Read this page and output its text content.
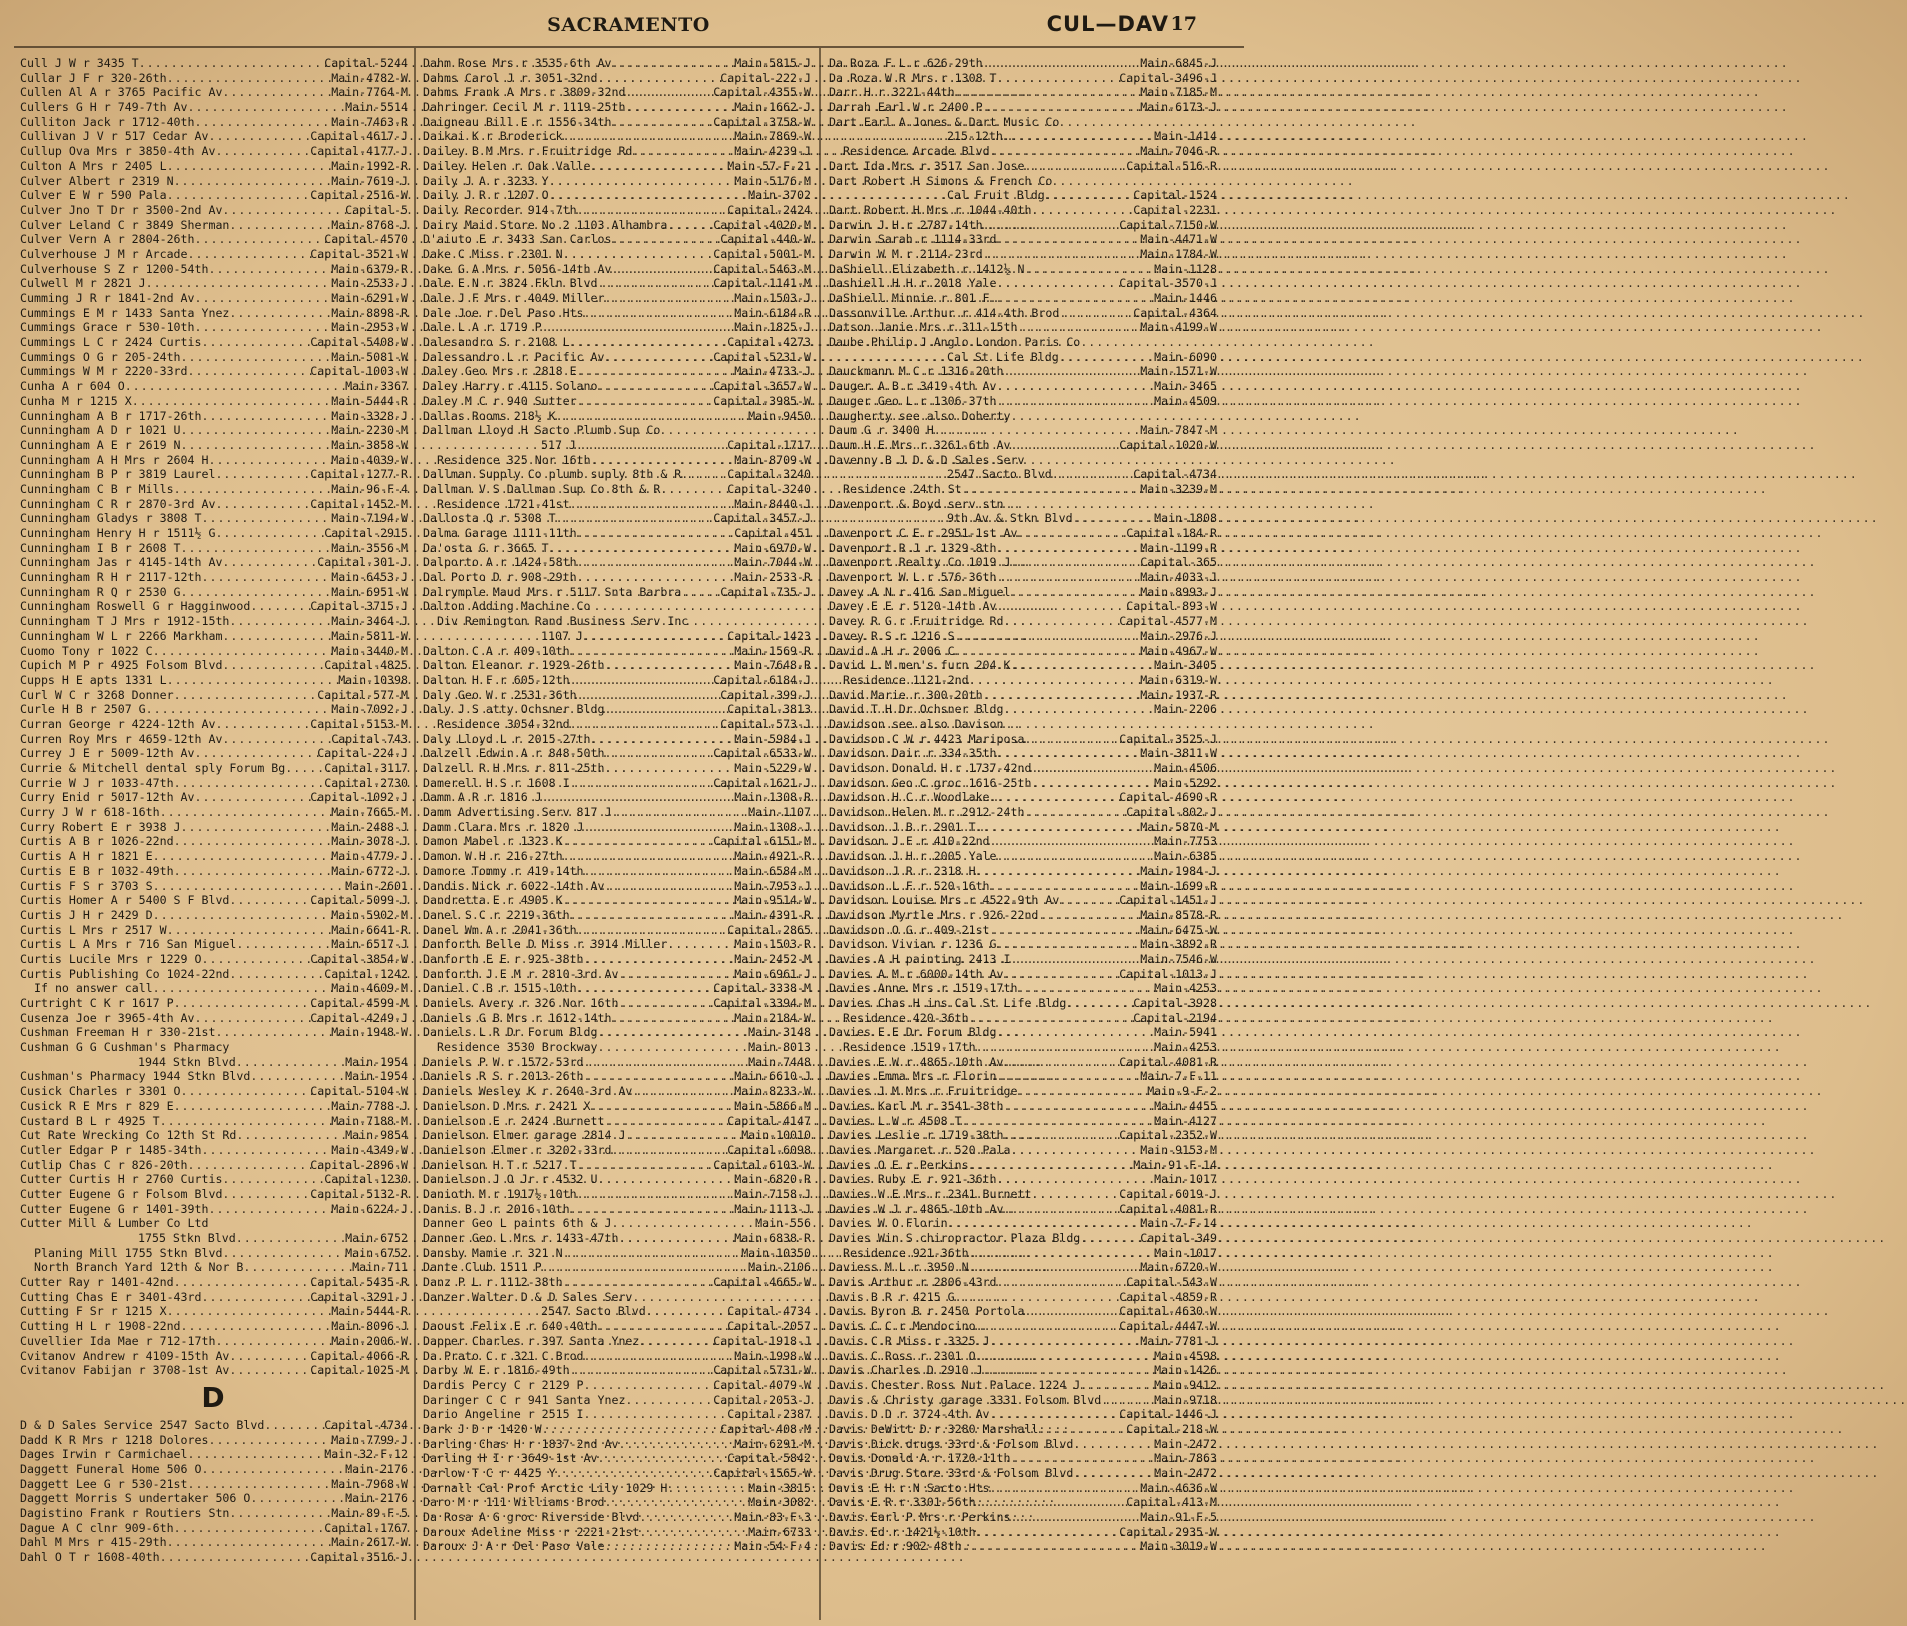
SACRAMENTO	CUL—DAV 17
Cull J W r 3435 T .....	Capital-5244
Cullar J F r 320-26th .....	Main-4782-W
Cullen Al A r 3765 Pacific Av .....	Main-7764-M
Cullers G H r 749-7th Av .....	Main-5514
Culliton Jack r 1712-40th .....	Main-7463-R
Cullivan J V r 517 Cedar Av .....	Capital-4617-J
Cullup Ova Mrs r 3850-4th Av .....	Capital-4177-J
Culton A Mrs r 2405 L .....	Main-1992-R
Culver Albert r 2319 N .....	Main-7619-J
Culver E W r 590 Pala .....	Capital-2516-W
Culver Jno T Dr r 3500-2nd Av .....	Capital-5
Culver Leland C r 3849 Sherman .....	Main-8768-J
Culver Vern A r 2804-26th .....	Capital-4570
Culverhouse J M r Arcade .....	Capital-3521-W
Culverhouse S Z r 1200-54th .....	Main-6379-R
Culwell M r 2821 J .....	Main-2533-J
Cumming J R r 1841-2nd Av .....	Main-6291-W
Cummings E M r 1433 Santa Ynez .....	Main-8898-R
Cummings Grace r 530-10th .....	Main-2953-W
Cummings L C r 2424 Curtis .....	Capital-5408-W
Cummings O G r 205-24th .....	Main-5081-W
Cummings W M r 2220-33rd .....	Capital-1003-W
Cunha A r 604 O .....	Main-3367
Cunha M r 1215 X .....	Main-5444-R
Cunningham A B r 1717-26th .....	Main-3328-J
Cunningham A D r 1021 U .....	Main-2230-M
Cunningham A E r 2619 N .....	Main-3858-W
Cunningham A H Mrs r 2604 H .....	Main-4039-W
Cunningham B P r 3819 Laurel .....	Capital-1277-R
Cunningham C B r Mills .....	Main-96-F-4
Cunningham C R r 2870-3rd Av .....	Capital-1452-M
Cunningham Gladys r 3808 T .....	Main-7194-W
Cunningham Henry H r 1511½ G .....	Capital-2915
Cunningham I B r 2608 T .....	Main-3556-M
Cunningham Jas r 4145-14th Av .....	Capital-301-J
Cunningham R H r 2117-12th .....	Main-6453-J
Cunningham R Q r 2530 G .....	Main-6951-W
Cunningham Roswell G r Hagginwood .....	Capital-3715-J
Cunningham T J Mrs r 1912-15th .....	Main-3464-J
Cunningham W L r 2266 Markham .....	Main-5811-W
Cuomo Tony r 1022 C .....	Main-3440-M
Cupich M P r 4925 Folsom Blvd .....	Capital-4825
Cupps H E apts 1331 L .....	Main-10398
Curl W C r 3268 Donner .....	Capital-577-M
Curle H B r 2507 G .....	Main-7092-J
Curran George r 4224-12th Av .....	Capital-5153-M
Curren Roy Mrs r 4659-12th Av .....	Capital-743
Currey J E r 5009-12th Av .....	Capital-224-J
Currie & Mitchell dental sply Forum Bg .....	Capital-3117
Currie W J r 1033-47th .....	Capital-2730
Curry Enid r 5017-12th Av .....	Capital-1092-J
Curry J W r 618-16th .....	Main-7665-M
Curry Robert E r 3938 J .....	Main-2488-J
Curtis A B r 1026-22nd .....	Main-3078-J
Curtis A H r 1821 E .....	Main-4779-J
Curtis E B r 1032-49th .....	Main-6772-J
Curtis F S r 3703 S .....	Main-2601
Curtis Homer A r 5400 S F Blvd .....	Capital-5099-J
Curtis J H r 2429 D .....	Main-5902-M
Curtis L Mrs r 2517 W .....	Main-6641-R
Curtis L A Mrs r 716 San Miguel .....	Main-6517-J
Curtis Lucile Mrs r 1229 O .....	Capital-3854-W
Curtis Publishing Co 1024-22nd .....	Capital-1242
If no answer call .....	Main-4609-M
Curtright C K r 1617 P .....	Capital-4599-M
Cusenza Joe r 3965-4th Av .....	Capital-4249-J
Cushman Freeman H r 330-21st .....	Main-1948-W
Cushman G G Cushman's Pharmacy
1944 Stkn Blvd .....	Main-1954
Cushman's Pharmacy 1944 Stkn Blvd .....	Main-1954
Cusick Charles r 3301 O .....	Capital-5104-W
Cusick R E Mrs r 829 E .....	Main-7788-J
Custard B L r 4925 T .....	Main-7188-M
Cut Rate Wrecking Co 12th St Rd .....	Main-9854
Cutler Edgar P r 1485-34th .....	Main-4349-W
Cutlip Chas C r 826-20th .....	Capital-2896-W
Cutter Curtis H r 2760 Curtis .....	Capital-1230
Cutter Eugene G r Folsom Blvd .....	Capital-5132-R
Cutter Eugene G r 1401-39th .....	Main-6224-J
Cutter Mill & Lumber Co Ltd
1755 Stkn Blvd .....	Main-6752
Planing Mill 1755 Stkn Blvd .....	Main-6752
North Branch Yard 12th & Nor B .....	Main-711
Cutter Ray r 1401-42nd .....	Capital-5435-R
Cutting Chas E r 3401-43rd .....	Capital-3291-J
Cutting F Sr r 1215 X .....	Main-5444-R
Cutting H L r 1908-22nd .....	Main-8096-J
Cuvellier Ida Mae r 712-17th .....	Main-2006-W
Cvitanov Andrew r 4109-15th Av .....	Capital-4066-R
Cvitanov Fabijan r 3708-1st Av .....	Capital-1025-M
D
D & D Sales Service 2547 Sacto Blvd .....	Capital-4734
Dadd K R Mrs r 1218 Dolores .....	Main-7799-J
Dages Irwin r Carmichael .....	Main-32-F-12
Daggett Funeral Home 506 O .....	Main-2176
Daggett Lee G r 530-21st .....	Main-7968-W
Daggett Morris S undertaker 506 O .....	Main-2176
Dagistino Frank r Routiers Stn .....	Main-89-F-5
Dague A C clnr 909-6th .....	Capital-1767
Dahl M Mrs r 415-29th .....	Main-2617-W
Dahl O T r 1608-40th .....	Capital-3516-J
Dahm Rose Mrs r 3535-6th Av .....	Main-5815-J
Dahms Carol J r 3051-32nd .....	Capital-222-J
Dahms Frank A Mrs r 3809-32nd .....	Capital-4355-W
Dahringer Cecil M r 1119-25th .....	Main-1662-J
Daigneau Bill E r 1556-34th .....	Capital-3758-W
Daikai K r Broderick .....	Main-7869-W
Dailey B M Mrs r Fruitridge Rd .....	Main-4239-J
Dailey Helen r Oak Valle .....	Main-57-F-21
Daily J A r 3233 Y .....	Main-5176-M
Daily J R r 1207 O .....	Main-3702
Daily Recorder 914-7th .....	Capital-2424
Dairy Maid Store No 2 1103 Alhambra .....	Capital-4020-M
D'aiuto E r 3433 San Carlos .....	Capital-440-W
Dake C Miss r 2301 N .....	Capital-5001-M
Dake G A Mrs r 5056-14th Av .....	Capital-5463-M
Dale E N r 3824 Fkln Blvd .....	Capital-1141-M
Dale J F Mrs r 4049 Miller .....	Main-1503-J
Dale Joe r Del Paso Hts .....	Main-6184-R
Dale L A r 1719 P .....	Main-1825-J
Dalesandro S r 2108 L .....	Capital-4273
Dalessandro L r Pacific Av .....	Capital-5231-W
Daley Geo Mrs r 2818 E .....	Main-4733-J
Daley Harry r 4115 Solano .....	Capital-3657-W
Daley M C r 940 Sutter .....	Capital-3985-W
Dallas Rooms 218½ K .....	Main-9450
Dallman Lloyd H Sacto Plumb Sup Co
517 J .....	Capital-1717
Residence 325 Nor 16th .....	Main-8709-W
Dallman Supply Co plumb suply 8th & R .....	Capital-3240
Dallman V S Dallman Sup Co 8th & R .....	Capital-3240
Residence 1721-41st .....	Main-8440-J
Dallosta Q r 5308 T .....	Capital-3457-J
Dalma Garage 1111-11th .....	Capital-451
Da'osta G r 3665 T .....	Main-6970-W
Dalporto A r 1424-58th .....	Main-7044-W
Dal Porto D r 908-29th .....	Main-2533-R
Dalrymple Maud Mrs r 5117 Snta Barbra .....	Capital-735-J
Dalton Adding Machine Co
Div Remington Rand Business Serv Inc
1107 J .....	Capital-1423
Dalton C A r 409-10th .....	Main-1569-R
Dalton Eleanor r 1929-26th .....	Main-7648-R
Dalton H F r 605-12th .....	Capital-6184-J
Daly Geo W r 2531-36th .....	Capital-399-J
Daly J S atty Ochsner Bldg .....	Capital-3813
Residence 3054-32nd .....	Capital-573-J
Daly Lloyd L r 2015-27th .....	Main-5984-J
Dalzell Edwin A r 848-50th .....	Capital-6533-W
Dalzell R H Mrs r 811-25th .....	Main-5229-W
Damerell H S r 1608 I .....	Capital-1621-J
Damm A R r 1816 J .....	Main-1308-R
Damm Advertising Serv 817 J .....	Main-1107
Damm Clara Mrs r 1820 J .....	Main-1308-J
Damon Mabel r 1323 K .....	Capital-6151-M
Damon W H r 216-27th .....	Main-4921-R
Damore Tommy r 419-14th .....	Main-6584-M
Dandis Nick r 6022-14th Av .....	Main-7953-J
Dandretta E r 4905 K .....	Main-9514-W
Danel S C r 2219-36th .....	Main-4391-R
Danel Wm A r 2041-36th .....	Capital-2865
Danforth Belle D Miss r 3914 Miller .....	Main-1503-R
Danforth E E r 925-38th .....	Main-2452-M
Danforth J E M r 2810-3rd Av .....	Main-6961-J
Daniel C B r 1515-10th .....	Capital-3338-M
Daniels Avery r 326 Nor 16th .....	Capital-3394-M
Daniels G B Mrs r 1612-14th .....	Main-2184-W
Daniels L R Dr Forum Bldg .....	Main-3148
Residence 3530 Brockway .....	Main-8013
Daniels P W r 1572-53rd .....	Main-7448
Daniels R S r 2013-26th .....	Main-6610-J
Daniels Wesley K r 2640-3rd Av .....	Main-8233-W
Danielson D Mrs r 2421 X .....	Main-5866-M
Danielson E r 2424 Burnett .....	Capital-4147
Danielson Elmer garage 2814 J .....	Main-10010
Danielson Elmer r 3202-33rd .....	Capital-6098
Danielson H T r 5217 T .....	Capital-6103-W
Danielson J O Jr r 4532 U .....	Main-6820-R
Danioth M r 1917½-10th .....	Main-7158-J
Danis B J r 2016-10th .....	Main-1113-J
Danner Geo L paints 6th & J .....	Main-556
Danner Geo L Mrs r 1433-47th .....	Main-6838-R
Dansby Mamie r 321 N .....	Main-10350
Dante Club 1511 P .....	Main-2106
Danz P L r 1112-38th .....	Capital-4665-W
Danzer Walter D & D Sales Serv
2547 Sacto Blvd .....	Capital-4734
Daoust Felix E r 640-40th .....	Capital-2057
Dapper Charles r 397 Santa Ynez .....	Capital-1918-J
Da Prato C r 321 C Brod .....	Main-1998-W
Darby W E r 1816-49th .....	Capital-5731-W
Dardis Percy C r 2129 P .....	Capital-4079-W
Daringer C C r 941 Santa Ynez .....	Capital-2053-J
Dario Angeline r 2515 I .....	Capital-2387
Dark J D r 1420 W .....	Capital-408-M
Darling Chas H r 1837-2nd Av .....	Main-6291-M
Darling H I r 3649-1st Av .....	Capital-5842
Darlow T C r 4425 Y .....	Capital-1565-W
Darnall Cal Prof Arctic Lily 1029 H .....	Main-3815
Daro M r 111 Williams Brod .....	Main-3082
Da Rosa A G groc Riverside Blvd .....	Main-83-F-3
Daroux Adeline Miss r 2221-21st .....	Main-6733
Daroux J A r Del Paso Vale .....	Main-54-F-4
Da Roza F L r 626-29th .....	Main-6845-J
Da Roza W R Mrs r 1308 T .....	Capital-3496-J
Darr H r 3221-44th .....	Main-7185-M
Darrah Earl W r 2400 P .....	Main-6173-J
Dart Earl A Jones & Dart Music Co
215-12th .....	Main-1414
Residence Arcade Blvd .....	Main-7046-R
Dart Ida Mrs r 3517 San Jose .....	Capital-516-R
Dart Robert H Simons & French Co
Cal Fruit Bldg .....	Capital-1524
Dart Robert H Mrs r 1044-40th .....	Capital-2231
Darwin J H r 2787-14th .....	Capital-7150-W
Darwin Sarah r 1114-33rd .....	Main-4471-W
Darwin W M r 2114-23rd .....	Main-1784-W
DaShiell Elizabeth r 1412½ N .....	Main-1128
Dashiell H H r 2018 Yale .....	Capital-3570-J
DaShiell Minnie r 801 F .....	Main-1446
Dassonville Arthur r 414-4th Brod .....	Capital-4364
Datson Janie Mrs r 311-15th .....	Main-4199-W
Daube Philip J Anglo London Paris Co
Cal St Life Bldg .....	Main-6090
Dauckmann M C r 1316-20th .....	Main-1571-W
Dauger A B r 3419-4th Av .....	Main-3465
Dauger Geo L r 1306-37th .....	Main-4509
Daugherty see also Doherty
Daum G r 3400 H .....	Main-7847-M
Daum H E Mrs r 3261-6th Av .....	Capital-1020-W
Davenny B J D & D Sales Serv
2547 Sacto Blvd .....	Capital-4734
Residence 24th St .....	Main-3239-M
Davenport & Boyd serv stn
9th Av & Stkn Blvd .....	Main-1808
Davenport C E r 2951-1st Av .....	Capital-184-R
Davenport R J r 1329-8th .....	Main-1199-R
Davenport Realty Co 1019 J .....	Capital-365
Davenport W L r 576-36th .....	Main-4033-J
Davey A N r 416 San Miguel .....	Main-8993-J
Davey E E r 5120-14th Av .....	Capital-893-W
Davey R G r Fruitridge Rd .....	Capital-4577-M
Davey R S r 1216 S .....	Main-2976-J
David A H r 2006 C .....	Main-4967-W
David L M men's furn 204 K .....	Main-3405
Residence 1121-2nd .....	Main-6319-W
David Marie r 300-20th .....	Main-1937-R
David T H Dr Ochsner Bldg .....	Main-2206
Davidson see also Davison
Davidson C W r 4423 Mariposa .....	Capital-3525-J
Davidson Dair r 334-35th .....	Main-3811-W
Davidson Donald H r 1737-42nd .....	Main-4506
Davidson Geo C groc 1616-25th .....	Main-5292
Davidson H C r Woodlake .....	Capital-4690-R
Davidson Helen M r 2912-24th .....	Capital-802-J
Davidson J B r 2901 T .....	Main-5870-M
Davidson J F r 410-22nd .....	Main-7753
Davidson J H r 2005 Yale .....	Main-6385
Davidson J R r 2318 H .....	Main-1984-J
Davidson L F r 520-16th .....	Main-1699-R
Davidson Louise Mrs r 4522-9th Av .....	Capital-1451-J
Davidson Myrtle Mrs r 926-22nd .....	Main-8578-R
Davidson O G r 409-21st .....	Main-6475-W
Davidson Vivian r 1236 G .....	Main-3892-R
Davies A H painting 2413 I .....	Main-7546-W
Davies A M r 6000-14th Av .....	Capital-1013-J
Davies Anne Mrs r 1519-17th .....	Main-4253
Davies Chas H ins Cal St Life Bldg .....	Capital-3928
Residence 420-36th .....	Capital-2194
Davies E E Dr Forum Bldg .....	Main-5941
Residence 1519-17th .....	Main-4253
Davies E W r 4865-10th Av .....	Capital-4081-R
Davies Emma Mrs r Florin .....	Main-7-F-11
Davies J M Mrs r Fruitridge .....	Main-9-F-2
Davies Karl M r 3541-38th .....	Main-4455
Davies L W r 4508 T .....	Main-4127
Davies Leslie r 1719-38th .....	Capital-2352-W
Davies Margaret r 520 Pala .....	Main-9153-M
Davies O E r Perkins .....	Main-91-F-14
Davies Ruby E r 921-36th .....	Main-1017
Davies W E Mrs r 2341 Burnett .....	Capital-6019-J
Davies W J r 4865-10th Av .....	Capital-4081-R
Davies W O Florin .....	Main-7-F-14
Davies Win S chiropractor Plaza Bldg .....	Capital-349
Residence 921-36th .....	Main-1017
Daviess M L r 3950 N .....	Main-6720-W
Davis Arthur r 2806-43rd .....	Capital-543-W
Davis B R r 4215 G .....	Capital-4859-R
Davis Byron B r 2450 Portola .....	Capital-4630-W
Davis C C r Mendocino .....	Capital-4447-W
Davis C R Miss r 3325 J .....	Main-7781-J
Davis C Ross r 2301 O .....	Main-4598
Davis Charles D 2910 J .....	Main-1426
Davis Chester Ross Nut Palace 1224 J .....	Main-9412
Davis & Christy garage 3331 Folsom Blvd .....	Main-9718
Davis D D r 3724-4th Av .....	Capital-1446-J
Davis DeWitt D r 3280 Marshall .....	Capital-218-W
Davis Dick drugs 33rd & Folsom Blvd .....	Main-2472
Davis Donald A r 1720-11th .....	Main-7863
Davis Drug Store 33rd & Folsom Blvd .....	Main-2472
Davis E H r N Sacto Hts .....	Main-4636-W
Davis E R r 3301-56th .....	Capital-413-M
Davis Earl P Mrs r Perkins .....	Main-91-F-5
Davis Ed r 1421½-10th .....	Capital-2935-W
Davis Ed r 902-48th .....	Main-3019-W
